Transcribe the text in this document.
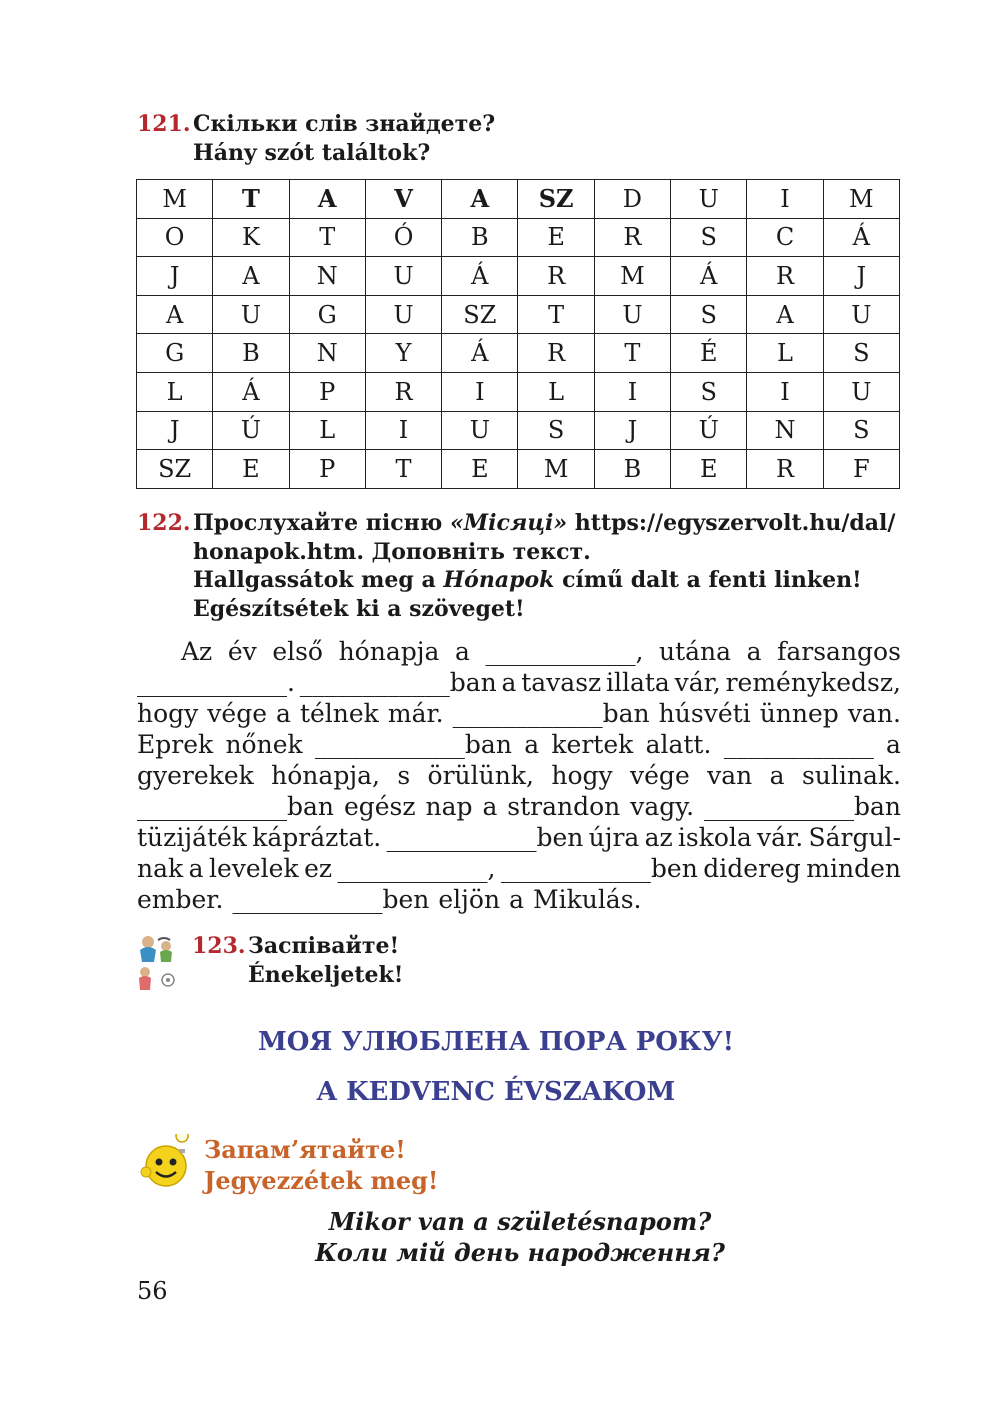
121. Скільки слів знайдете?
Hány szót találtok?
M	T	A	V	A	SZ	D	U	I	M
O	K	T	Ó	B	E	R	S	C	Á
J	A	N	U	Á	R	M	Á	R	J
A	U	G	U	SZ	T	U	S	A	U
G	B	N	Y	Á	R	T	É	L	S
L	Á	P	R	I	L	I	S	I	U
J	Ú	L	I	U	S	J	Ú	N	S
SZ	E	P	T	E	M	B	E	R	F
122. Прослухайте пісню «Місяці» https://egyszervolt.hu/dal/
honapok.htm. Доповніть текст.
Hallgassátok meg a Hónapok című dalt a fenti linken!
Egészítsétek ki a szöveget!
Az év első hónapja a ____________, utána a farsangos
____________. ____________ban a tavasz illata vár, reménykedsz,
hogy vége a télnek már. ____________ban húsvéti ünnep van.
Eprek nőnek ____________ban a kertek alatt. ____________ a
gyerekek hónapja, s örülünk, hogy vége van a sulinak.
____________ban egész nap a strandon vagy. ____________ban
tüzijáték kápráztat. ____________ben újra az iskola vár. Sárgul-
nak a levelek ez ____________, ____________ben didereg minden
ember. ____________ben eljön a Mikulás.
123. Заспівайте!
Énekeljetek!
МОЯ УЛЮБЛЕНА ПОРА РОКУ!
A KEDVENC ÉVSZAKOM
Запам’ятайте!
Jegyezzétek meg!
Mikor van a születésnapom?
Коли мій день народження?
56
